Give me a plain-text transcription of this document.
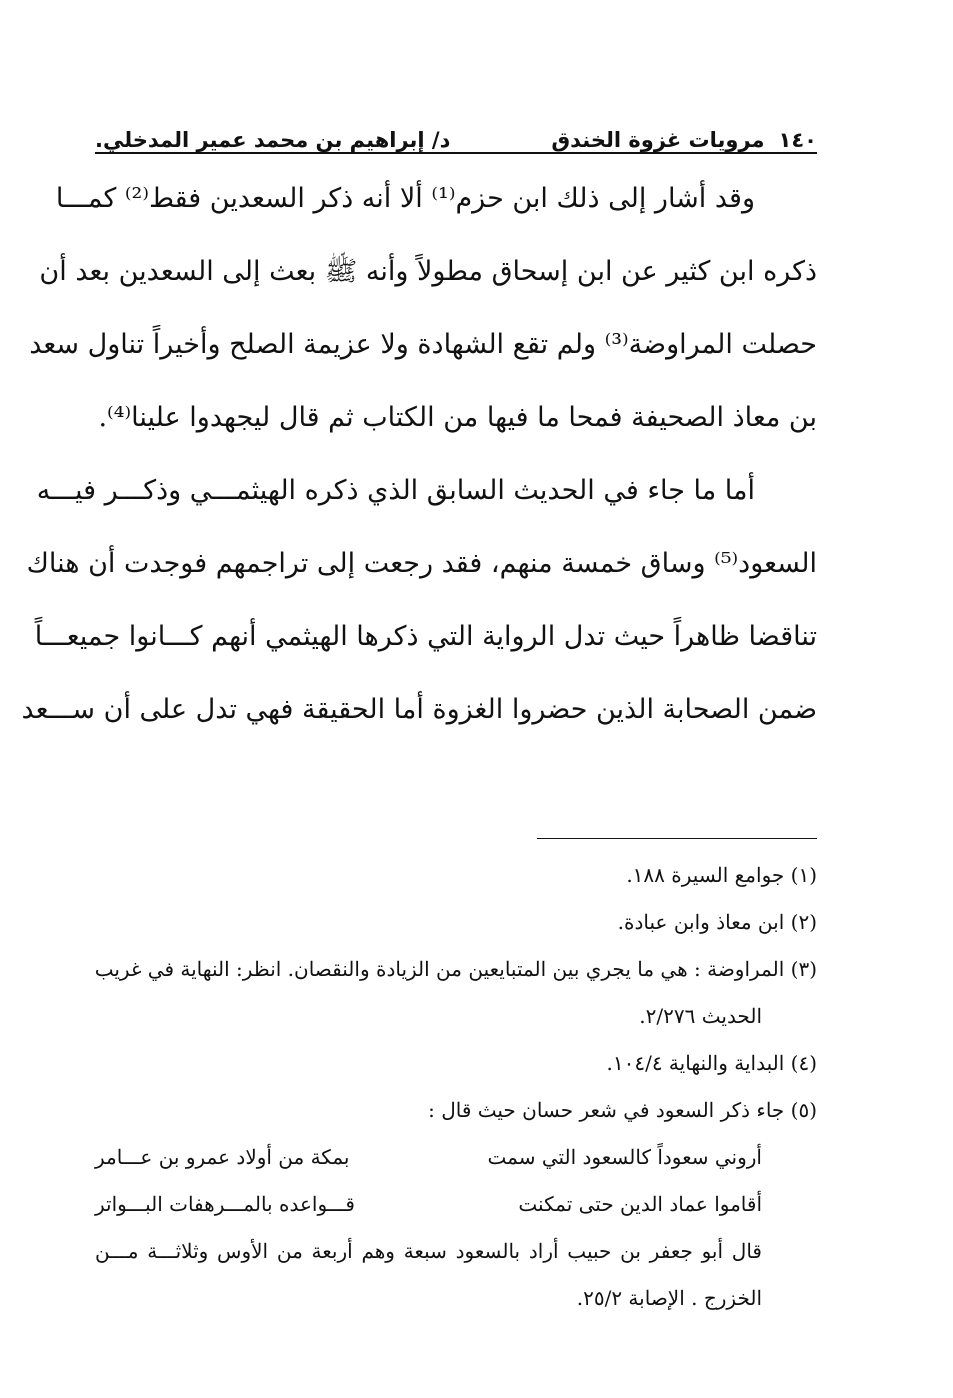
١٤٠
مرويات غزوة الخندق
د/ إبراهيم بن محمد عمير المدخلي.
وقد أشار إلى ذلك ابن حزم⁽¹⁾ ألا أنه ذكر السعدين فقط⁽²⁾ كمـــا
ذكره ابن كثير عن ابن إسحاق مطولاً وأنه ﷺ بعث إلى السعدين بعد أن
حصلت المراوضة⁽³⁾ ولم تقع الشهادة ولا عزيمة الصلح وأخيراً تناول سعد
بن معاذ الصحيفة فمحا ما فيها من الكتاب ثم قال ليجهدوا علينا⁽⁴⁾.
أما ما جاء في الحديث السابق الذي ذكره الهيثمـــي وذكـــر فيـــه
السعود⁽⁵⁾ وساق خمسة منهم، فقد رجعت إلى تراجمهم فوجدت أن هناك
تناقضا ظاهراً حيث تدل الرواية التي ذكرها الهيثمي أنهم كـــانوا جميعـــاً
ضمن الصحابة الذين حضروا الغزوة أما الحقيقة فهي تدل على أن ســـعد
(١) جوامع السيرة ١٨٨.
(٢) ابن معاذ وابن عبادة.
(٣) المراوضة : هي ما يجري بين المتبايعين من الزيادة والنقصان. انظر: النهاية في غريب
الحديث ٢/٢٧٦.
(٤) البداية والنهاية ١٠٤/٤.
(٥) جاء ذكر السعود في شعر حسان حيث قال :
أروني سعوداً كالسعود التي سمت
بمكة من أولاد عمرو بن عـــامر
أقاموا عماد الدين حتى تمكنت
قـــواعده بالمـــرهفات البـــواتر
قال أبو جعفر بن حبيب أراد بالسعود سبعة وهم أربعة من الأوس وثلاثـــة مـــن
الخزرج . الإصابة ٢٥/٢.
